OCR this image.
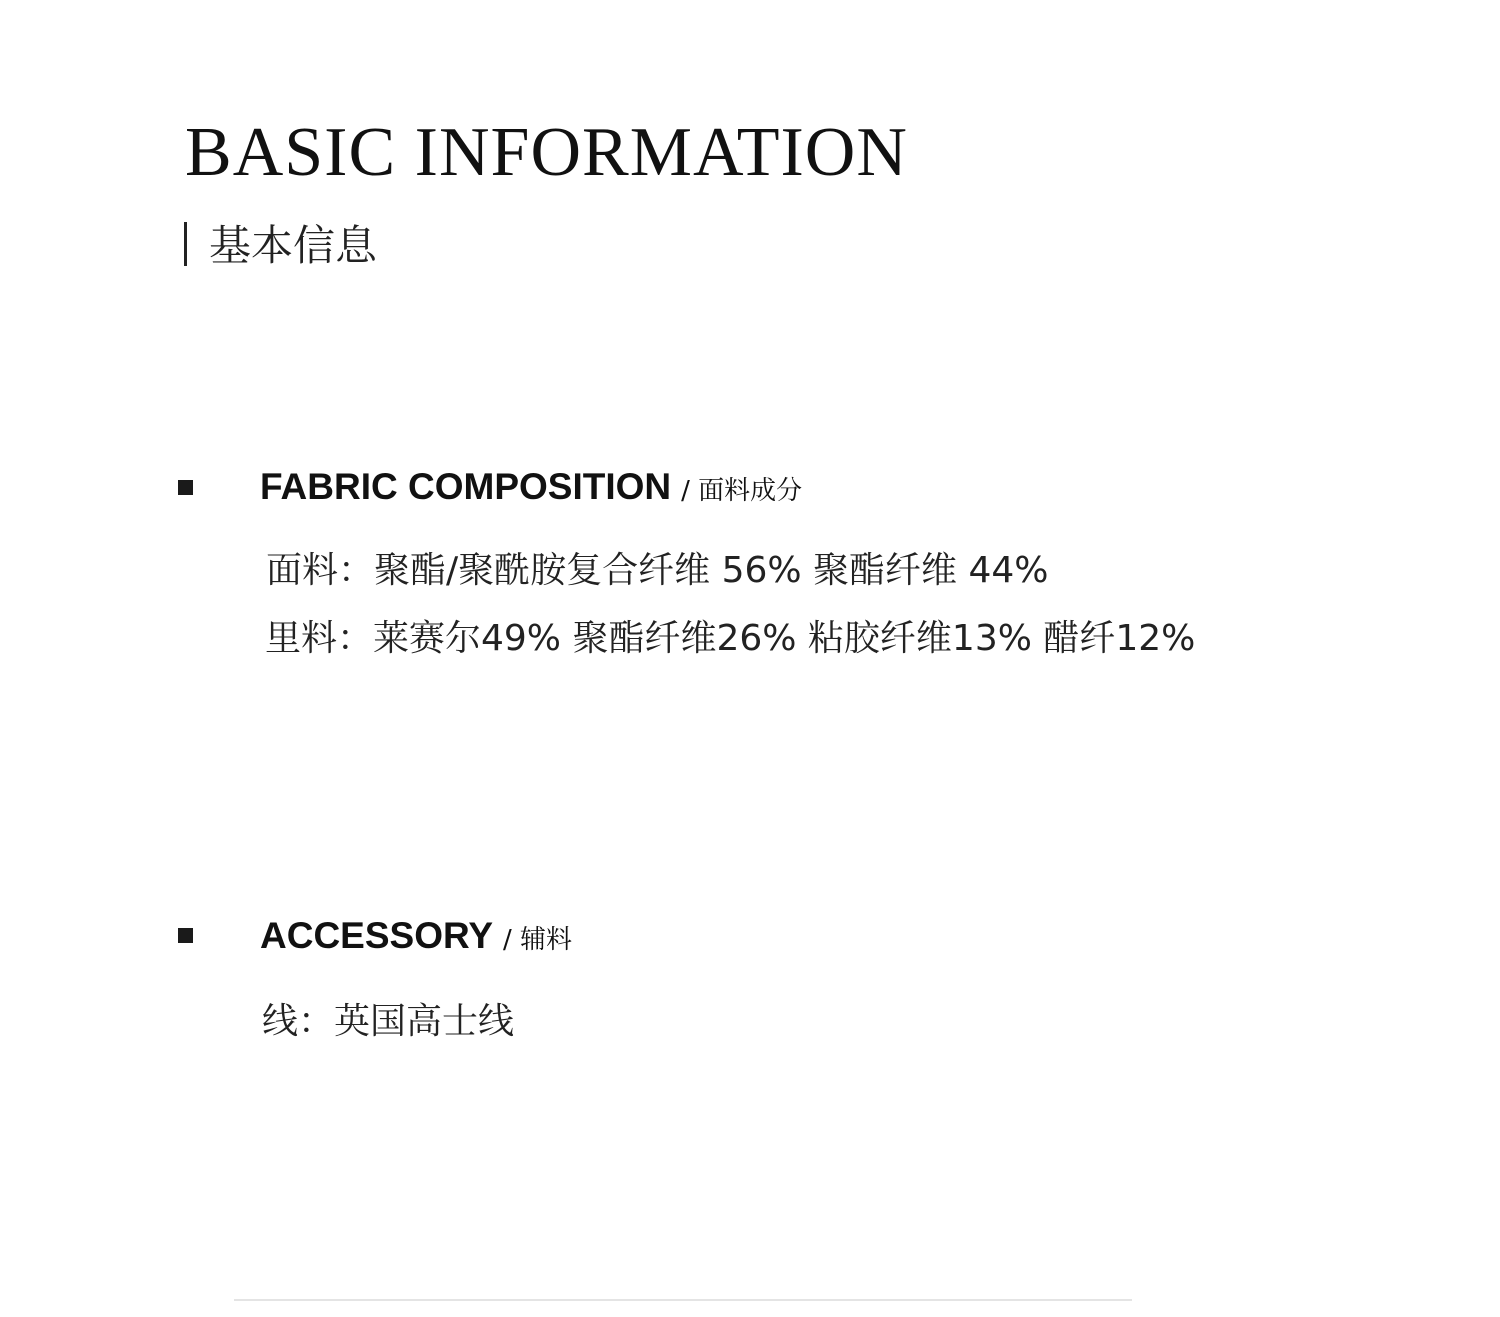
BASIC INFORMATION
基本信息
FABRIC COMPOSITION / 面料成分

面料：聚酯/聚酰胺复合纤维 56% 聚酯纤维 44%

里料：莱赛尔49% 聚酯纤维26% 粘胶纤维13% 醋纤12%

ACCESSORY / 辅料

线：英国高士线
